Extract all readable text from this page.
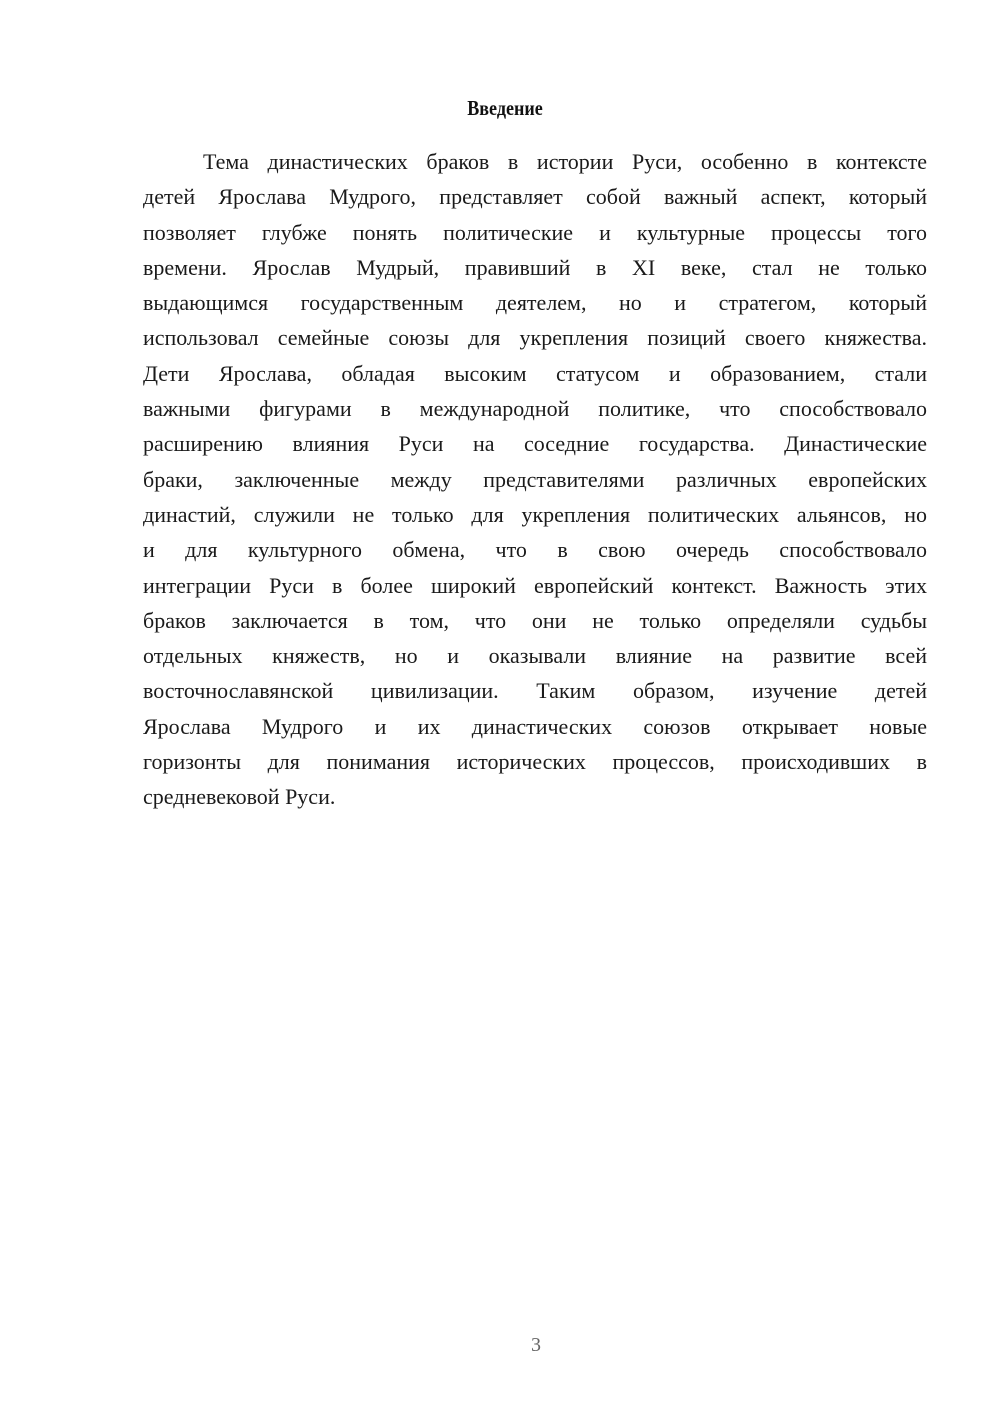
Введение
Тема династических браков в истории Руси, особенно в контексте
детей Ярослава Мудрого, представляет собой важный аспект, который
позволяет глубже понять политические и культурные процессы того
времени. Ярослав Мудрый, правивший в XI веке, стал не только
выдающимся государственным деятелем, но и стратегом, который
использовал семейные союзы для укрепления позиций своего княжества.
Дети Ярослава, обладая высоким статусом и образованием, стали
важными фигурами в международной политике, что способствовало
расширению влияния Руси на соседние государства. Династические
браки, заключенные между представителями различных европейских
династий, служили не только для укрепления политических альянсов, но
и для культурного обмена, что в свою очередь способствовало
интеграции Руси в более широкий европейский контекст. Важность этих
браков заключается в том, что они не только определяли судьбы
отдельных княжеств, но и оказывали влияние на развитие всей
восточнославянской цивилизации. Таким образом, изучение детей
Ярослава Мудрого и их династических союзов открывает новые
горизонты для понимания исторических процессов, происходивших в
средневековой Руси.
3
